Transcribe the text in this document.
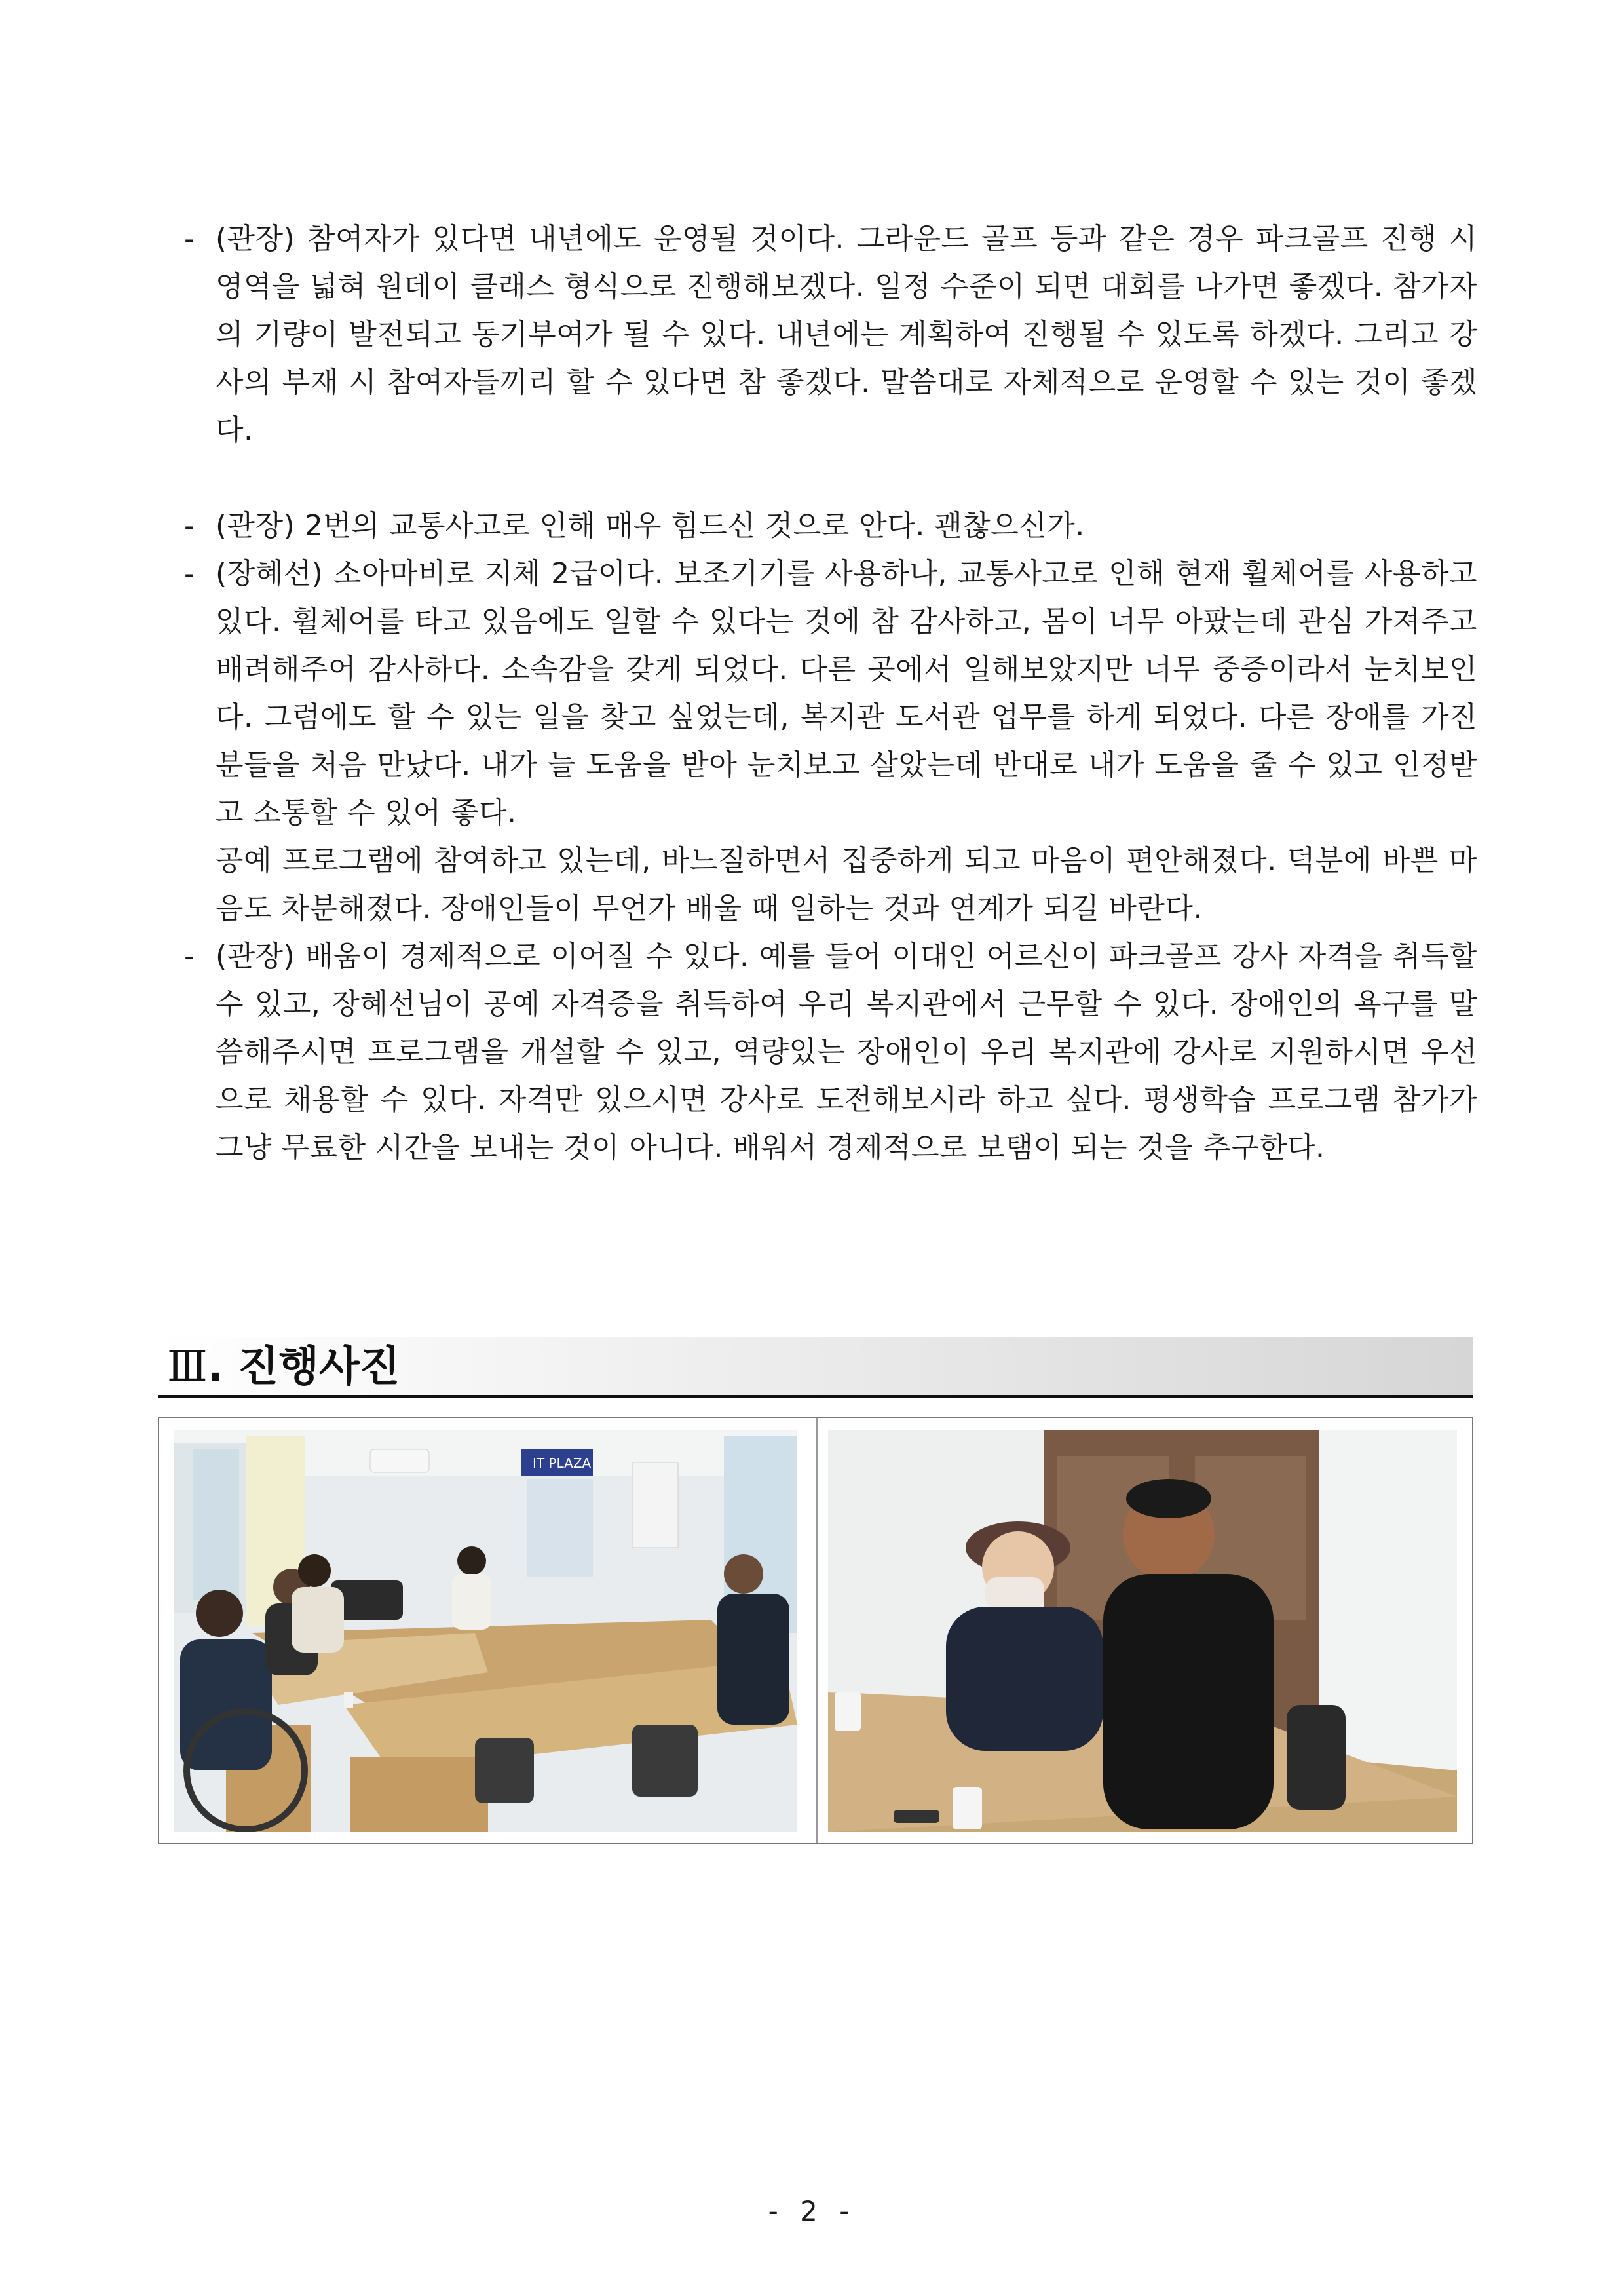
- (관장) 참여자가 있다면 내년에도 운영될 것이다. 그라운드 골프 등과 같은 경우 파크골프 진행 시 영역을 넓혀 원데이 클래스 형식으로 진행해보겠다. 일정 수준이 되면 대회를 나가면 좋겠다. 참가자의 기량이 발전되고 동기부여가 될 수 있다. 내년에는 계획하여 진행될 수 있도록 하겠다. 그리고 강사의 부재 시 참여자들끼리 할 수 있다면 참 좋겠다. 말씀대로 자체적으로 운영할 수 있는 것이 좋겠다.
- (관장) 2번의 교통사고로 인해 매우 힘드신 것으로 안다. 괜찮으신가.
- (장혜선) 소아마비로 지체 2급이다. 보조기기를 사용하나, 교통사고로 인해 현재 휠체어를 사용하고 있다. 휠체어를 타고 있음에도 일할 수 있다는 것에 참 감사하고, 몸이 너무 아팠는데 관심 가져주고 배려해주어 감사하다. 소속감을 갖게 되었다. 다른 곳에서 일해보았지만 너무 중증이라서 눈치보인다. 그럼에도 할 수 있는 일을 찾고 싶었는데, 복지관 도서관 업무를 하게 되었다. 다른 장애를 가진 분들을 처음 만났다. 내가 늘 도움을 받아 눈치보고 살았는데 반대로 내가 도움을 줄 수 있고 인정받고 소통할 수 있어 좋다.
공예 프로그램에 참여하고 있는데, 바느질하면서 집중하게 되고 마음이 편안해졌다. 덕분에 바쁜 마음도 차분해졌다. 장애인들이 무언가 배울 때 일하는 것과 연계가 되길 바란다.
- (관장) 배움이 경제적으로 이어질 수 있다. 예를 들어 이대인 어르신이 파크골프 강사 자격을 취득할 수 있고, 장혜선님이 공예 자격증을 취득하여 우리 복지관에서 근무할 수 있다. 장애인의 욕구를 말씀해주시면 프로그램을 개설할 수 있고, 역량있는 장애인이 우리 복지관에 강사로 지원하시면 우선으로 채용할 수 있다. 자격만 있으시면 강사로 도전해보시라 하고 싶다. 평생학습 프로그램 참가가 그냥 무료한 시간을 보내는 것이 아니다. 배워서 경제적으로 보탬이 되는 것을 추구한다.
Ⅲ. 진행사진
IT PLAZA
- 2 -
